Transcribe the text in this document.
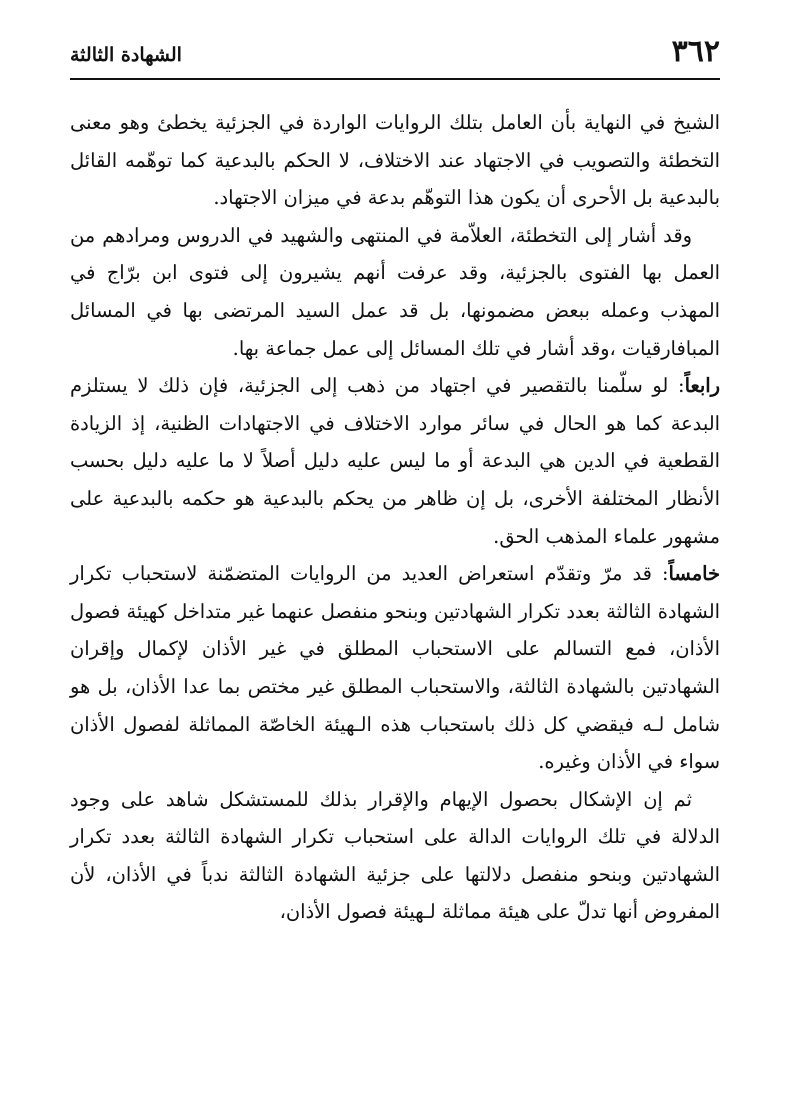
٣٦٢
الشهادة الثالثة

الشيخ في النهاية بأن العامل بتلك الروايات الواردة في الجزئية يخطئ وهو معنى التخطئة والتصويب في الاجتهاد عند الاختلاف، لا الحكم بالبدعية كما توهّمه القائل بالبدعية بل الأحرى أن يكون هذا التوهّم بدعة في ميزان الاجتهاد.

وقد أشار إلى التخطئة، العلاّمة في المنتهى والشهيد في الدروس ومرادهم من العمل بها الفتوى بالجزئية، وقد عرفت أنهم يشيرون إلى فتوى ابن برّاج في المهذب وعمله ببعض مضمونها، بل قد عمل السيد المرتضى بها في المسائل المبافارقيات ،وقد أشار في تلك المسائل إلى عمل جماعة بها.

رابعاً: لو سلّمنا بالتقصير في اجتهاد من ذهب إلى الجزئية، فإن ذلك لا يستلزم البدعة كما هو الحال في سائر موارد الاختلاف في الاجتهادات الظنية، إذ الزيادة القطعية في الدين هي البدعة أو ما ليس عليه دليل أصلاً لا ما عليه دليل بحسب الأنظار المختلفة الأخرى، بل إن ظاهر من يحكم بالبدعية هو حكمه بالبدعية على مشهور علماء المذهب الحق.

خامساً: قد مرّ وتقدّم استعراض العديد من الروايات المتضمّنة لاستحباب تكرار الشهادة الثالثة بعدد تكرار الشهادتين وبنحو منفصل عنهما غير متداخل كهيئة فصول الأذان، فمع التسالم على الاستحباب المطلق في غير الأذان لإكمال وإقران الشهادتين بالشهادة الثالثة، والاستحباب المطلق غير مختص بما عدا الأذان، بل هو شامل لـه فيقضي كل ذلك باستحباب هذه الـهيئة الخاصّة المماثلة لفصول الأذان سواء في الأذان وغيره.

ثم إن الإشكال بحصول الإيهام والإقرار بذلك للمستشكل شاهد على وجود الدلالة في تلك الروايات الدالة على استحباب تكرار الشهادة الثالثة بعدد تكرار الشهادتين وبنحو منفصل دلالتها على جزئية الشهادة الثالثة ندباً في الأذان، لأن المفروض أنها تدلّ على هيئة مماثلة لـهيئة فصول الأذان،
